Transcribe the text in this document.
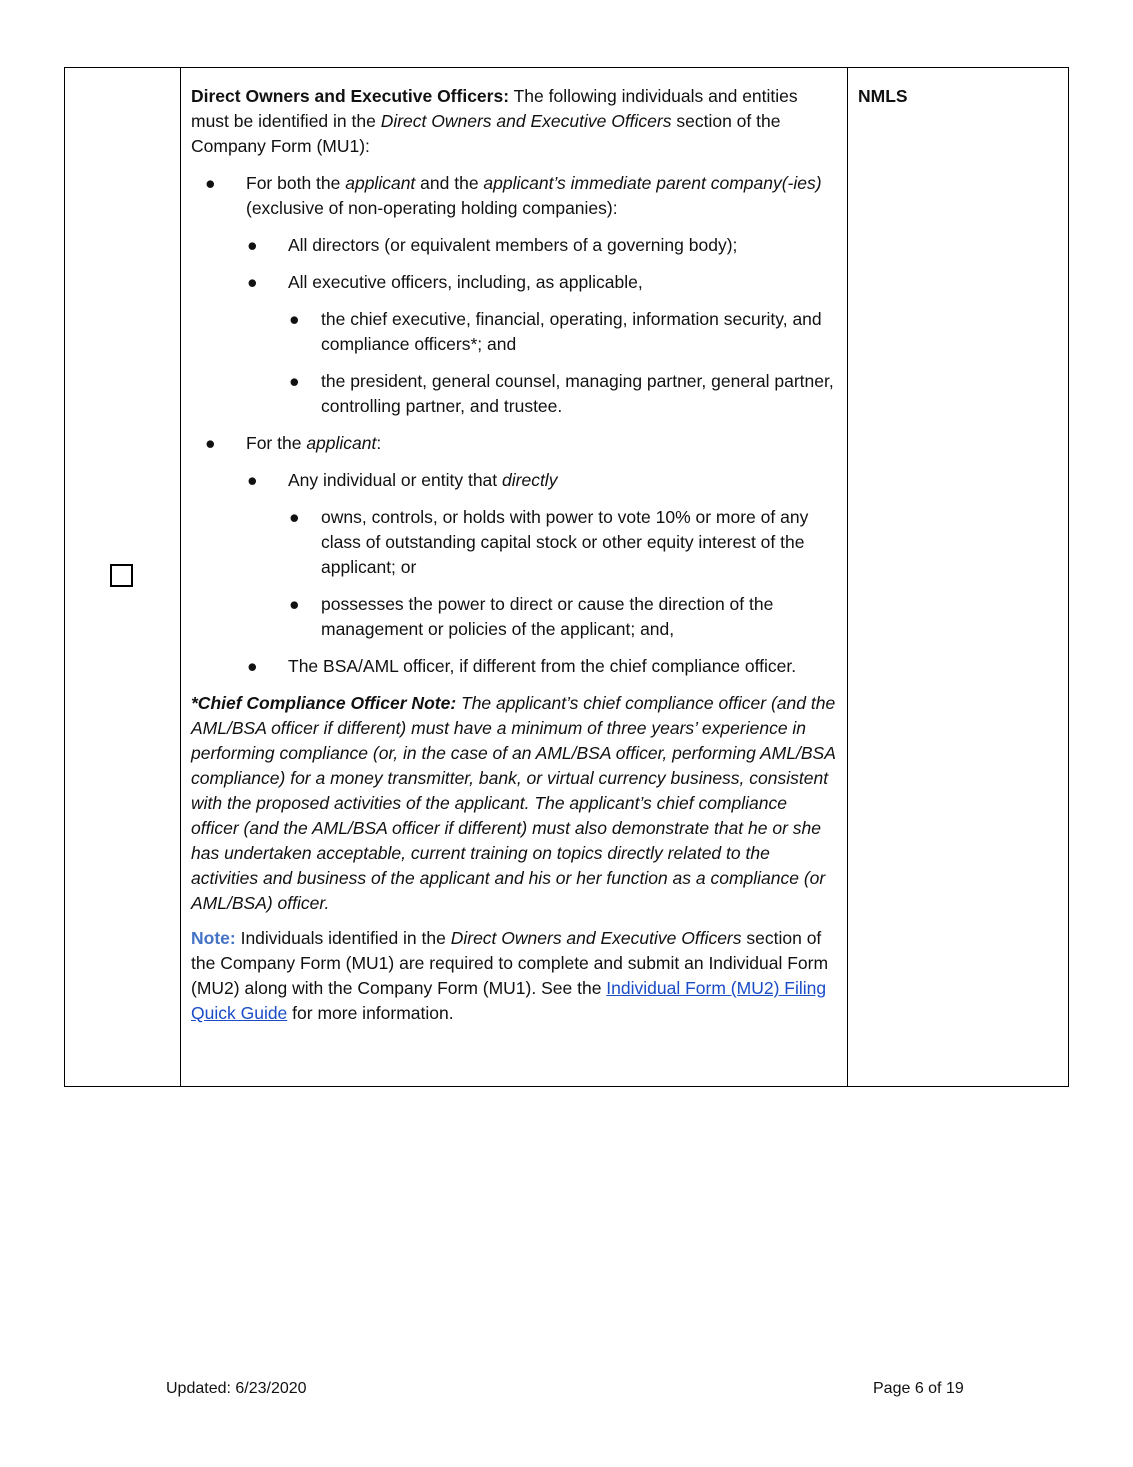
Direct Owners and Executive Officers: The following individuals and entities must be identified in the Direct Owners and Executive Officers section of the Company Form (MU1):

● For both the applicant and the applicant’s immediate parent company(-ies) (exclusive of non-operating holding companies):
● All directors (or equivalent members of a governing body);
● All executive officers, including, as applicable,
● the chief executive, financial, operating, information security, and compliance officers*; and
● the president, general counsel, managing partner, general partner, controlling partner, and trustee.
● For the applicant:
● Any individual or entity that directly
● owns, controls, or holds with power to vote 10% or more of any class of outstanding capital stock or other equity interest of the applicant; or
● possesses the power to direct or cause the direction of the management or policies of the applicant; and,
● The BSA/AML officer, if different from the chief compliance officer.

*Chief Compliance Officer Note: The applicant’s chief compliance officer (and the AML/BSA officer if different) must have a minimum of three years’ experience in performing compliance (or, in the case of an AML/BSA officer, performing AML/BSA compliance) for a money transmitter, bank, or virtual currency business, consistent with the proposed activities of the applicant. The applicant’s chief compliance officer (and the AML/BSA officer if different) must also demonstrate that he or she has undertaken acceptable, current training on topics directly related to the activities and business of the applicant and his or her function as a compliance (or AML/BSA) officer.

Note: Individuals identified in the Direct Owners and Executive Officers section of the Company Form (MU1) are required to complete and submit an Individual Form (MU2) along with the Company Form (MU1). See the Individual Form (MU2) Filing Quick Guide for more information.

NMLS
Updated: 6/23/2020	Page 6 of 19
